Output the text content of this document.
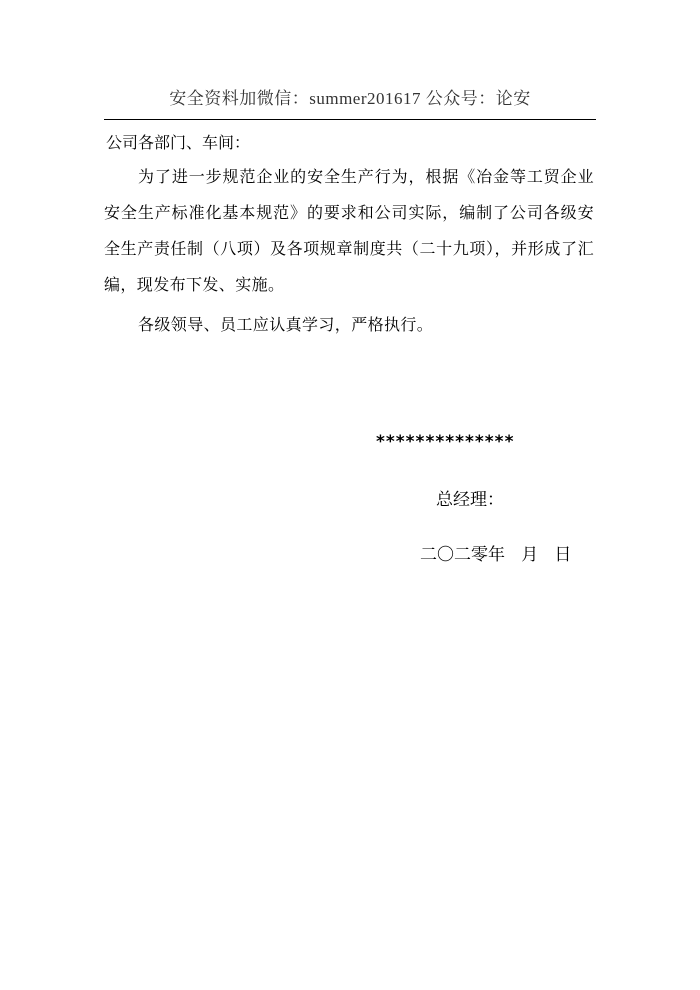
安全资料加微信：summer201617 公众号：论安
公司各部门、车间：
为了进一步规范企业的安全生产行为，根据《冶金等工贸企业安全生产标准化基本规范》的要求和公司实际，编制了公司各级安全生产责任制（八项）及各项规章制度共（二十九项），并形成了汇编，现发布下发、实施。
各级领导、员工应认真学习，严格执行。
**************
总经理：
二〇二零年   月   日
